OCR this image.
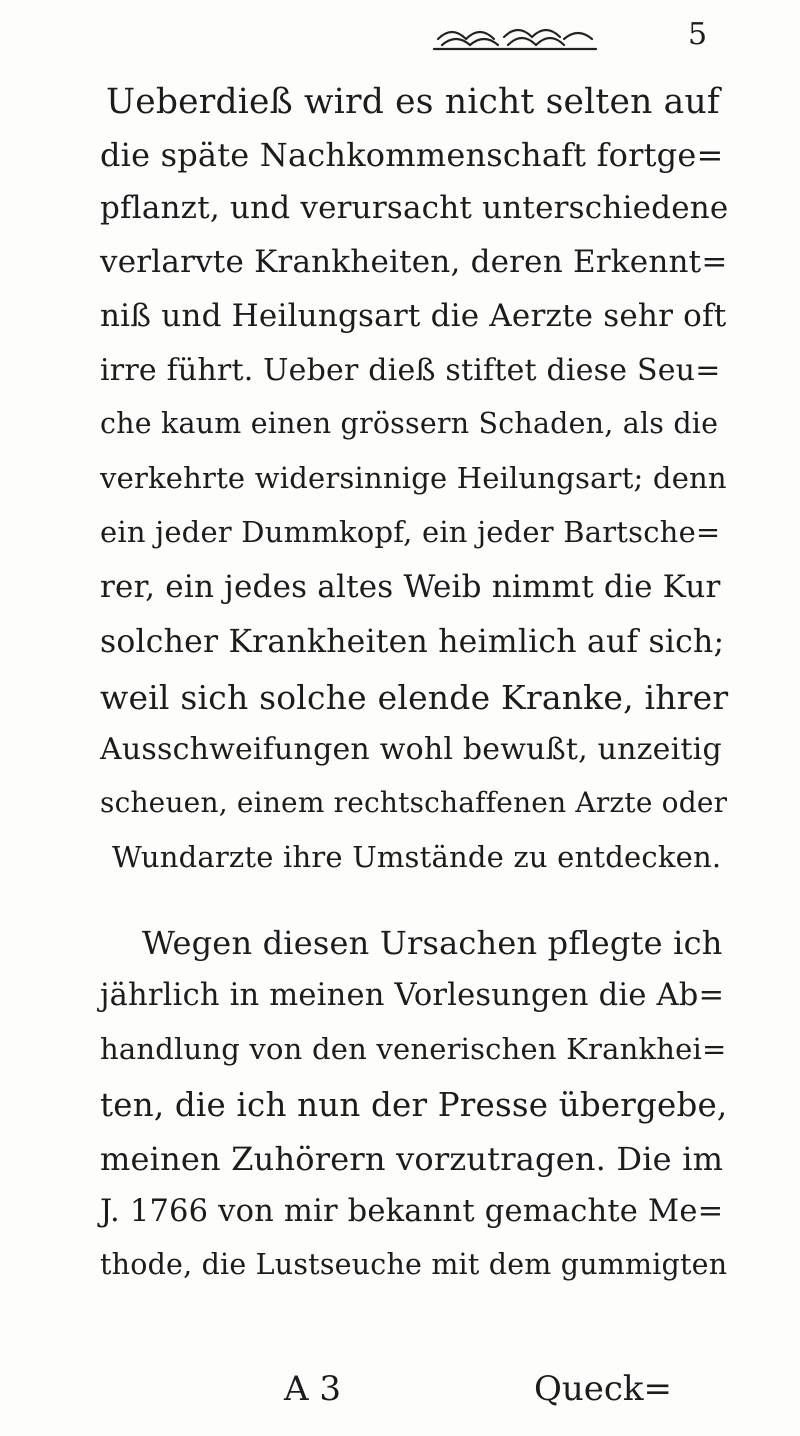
5
Ueberdieß wird es nicht selten auf
die späte Nachkommenschaft fortge=
pflanzt, und verursacht unterschiedene
verlarvte Krankheiten, deren Erkennt=
niß und Heilungsart die Aerzte sehr oft
irre führt. Ueber dieß stiftet diese Seu=
che kaum einen grössern Schaden, als die
verkehrte widersinnige Heilungsart; denn
ein jeder Dummkopf, ein jeder Bartsche=
rer, ein jedes altes Weib nimmt die Kur
solcher Krankheiten heimlich auf sich;
weil sich solche elende Kranke, ihrer
Ausschweifungen wohl bewußt, unzeitig
scheuen, einem rechtschaffenen Arzte oder
Wundarzte ihre Umstände zu entdecken.
Wegen diesen Ursachen pflegte ich
jährlich in meinen Vorlesungen die Ab=
handlung von den venerischen Krankhei=
ten, die ich nun der Presse übergebe,
meinen Zuhörern vorzutragen. Die im
J. 1766 von mir bekannt gemachte Me=
thode, die Lustseuche mit dem gummigten
A 3	Queck=
